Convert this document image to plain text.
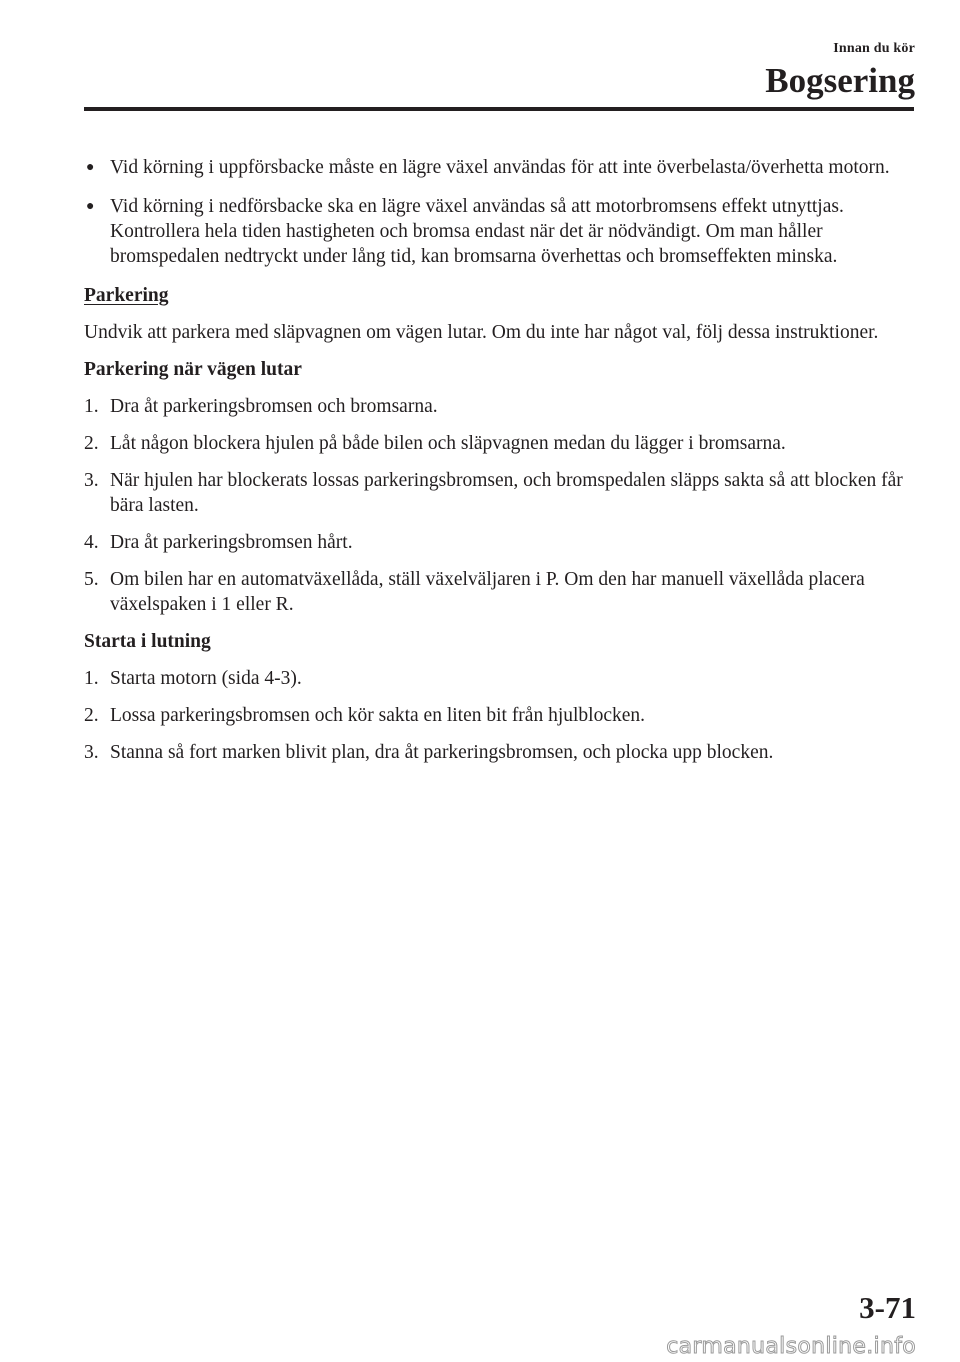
Innan du kör
Bogsering
● Vid körning i uppförsbacke måste en lägre växel användas för att inte överbelasta/överhetta motorn.
● Vid körning i nedförsbacke ska en lägre växel användas så att motorbromsens effekt utnyttjas. Kontrollera hela tiden hastigheten och bromsa endast när det är nödvändigt. Om man håller bromspedalen nedtryckt under lång tid, kan bromsarna överhettas och bromseffekten minska.
Parkering

Undvik att parkera med släpvagnen om vägen lutar. Om du inte har något val, följ dessa instruktioner.

Parkering när vägen lutar
1. Dra åt parkeringsbromsen och bromsarna.
2. Låt någon blockera hjulen på både bilen och släpvagnen medan du lägger i bromsarna.
3. När hjulen har blockerats lossas parkeringsbromsen, och bromspedalen släpps sakta så att blocken får bära lasten.
4. Dra åt parkeringsbromsen hårt.
5. Om bilen har en automatväxellåda, ställ växelväljaren i P. Om den har manuell växellåda placera växelspaken i 1 eller R.
Starta i lutning
1. Starta motorn (sida 4-3).
2. Lossa parkeringsbromsen och kör sakta en liten bit från hjulblocken.
3. Stanna så fort marken blivit plan, dra åt parkeringsbromsen, och plocka upp blocken.
3-71
carmanualsonline.info
